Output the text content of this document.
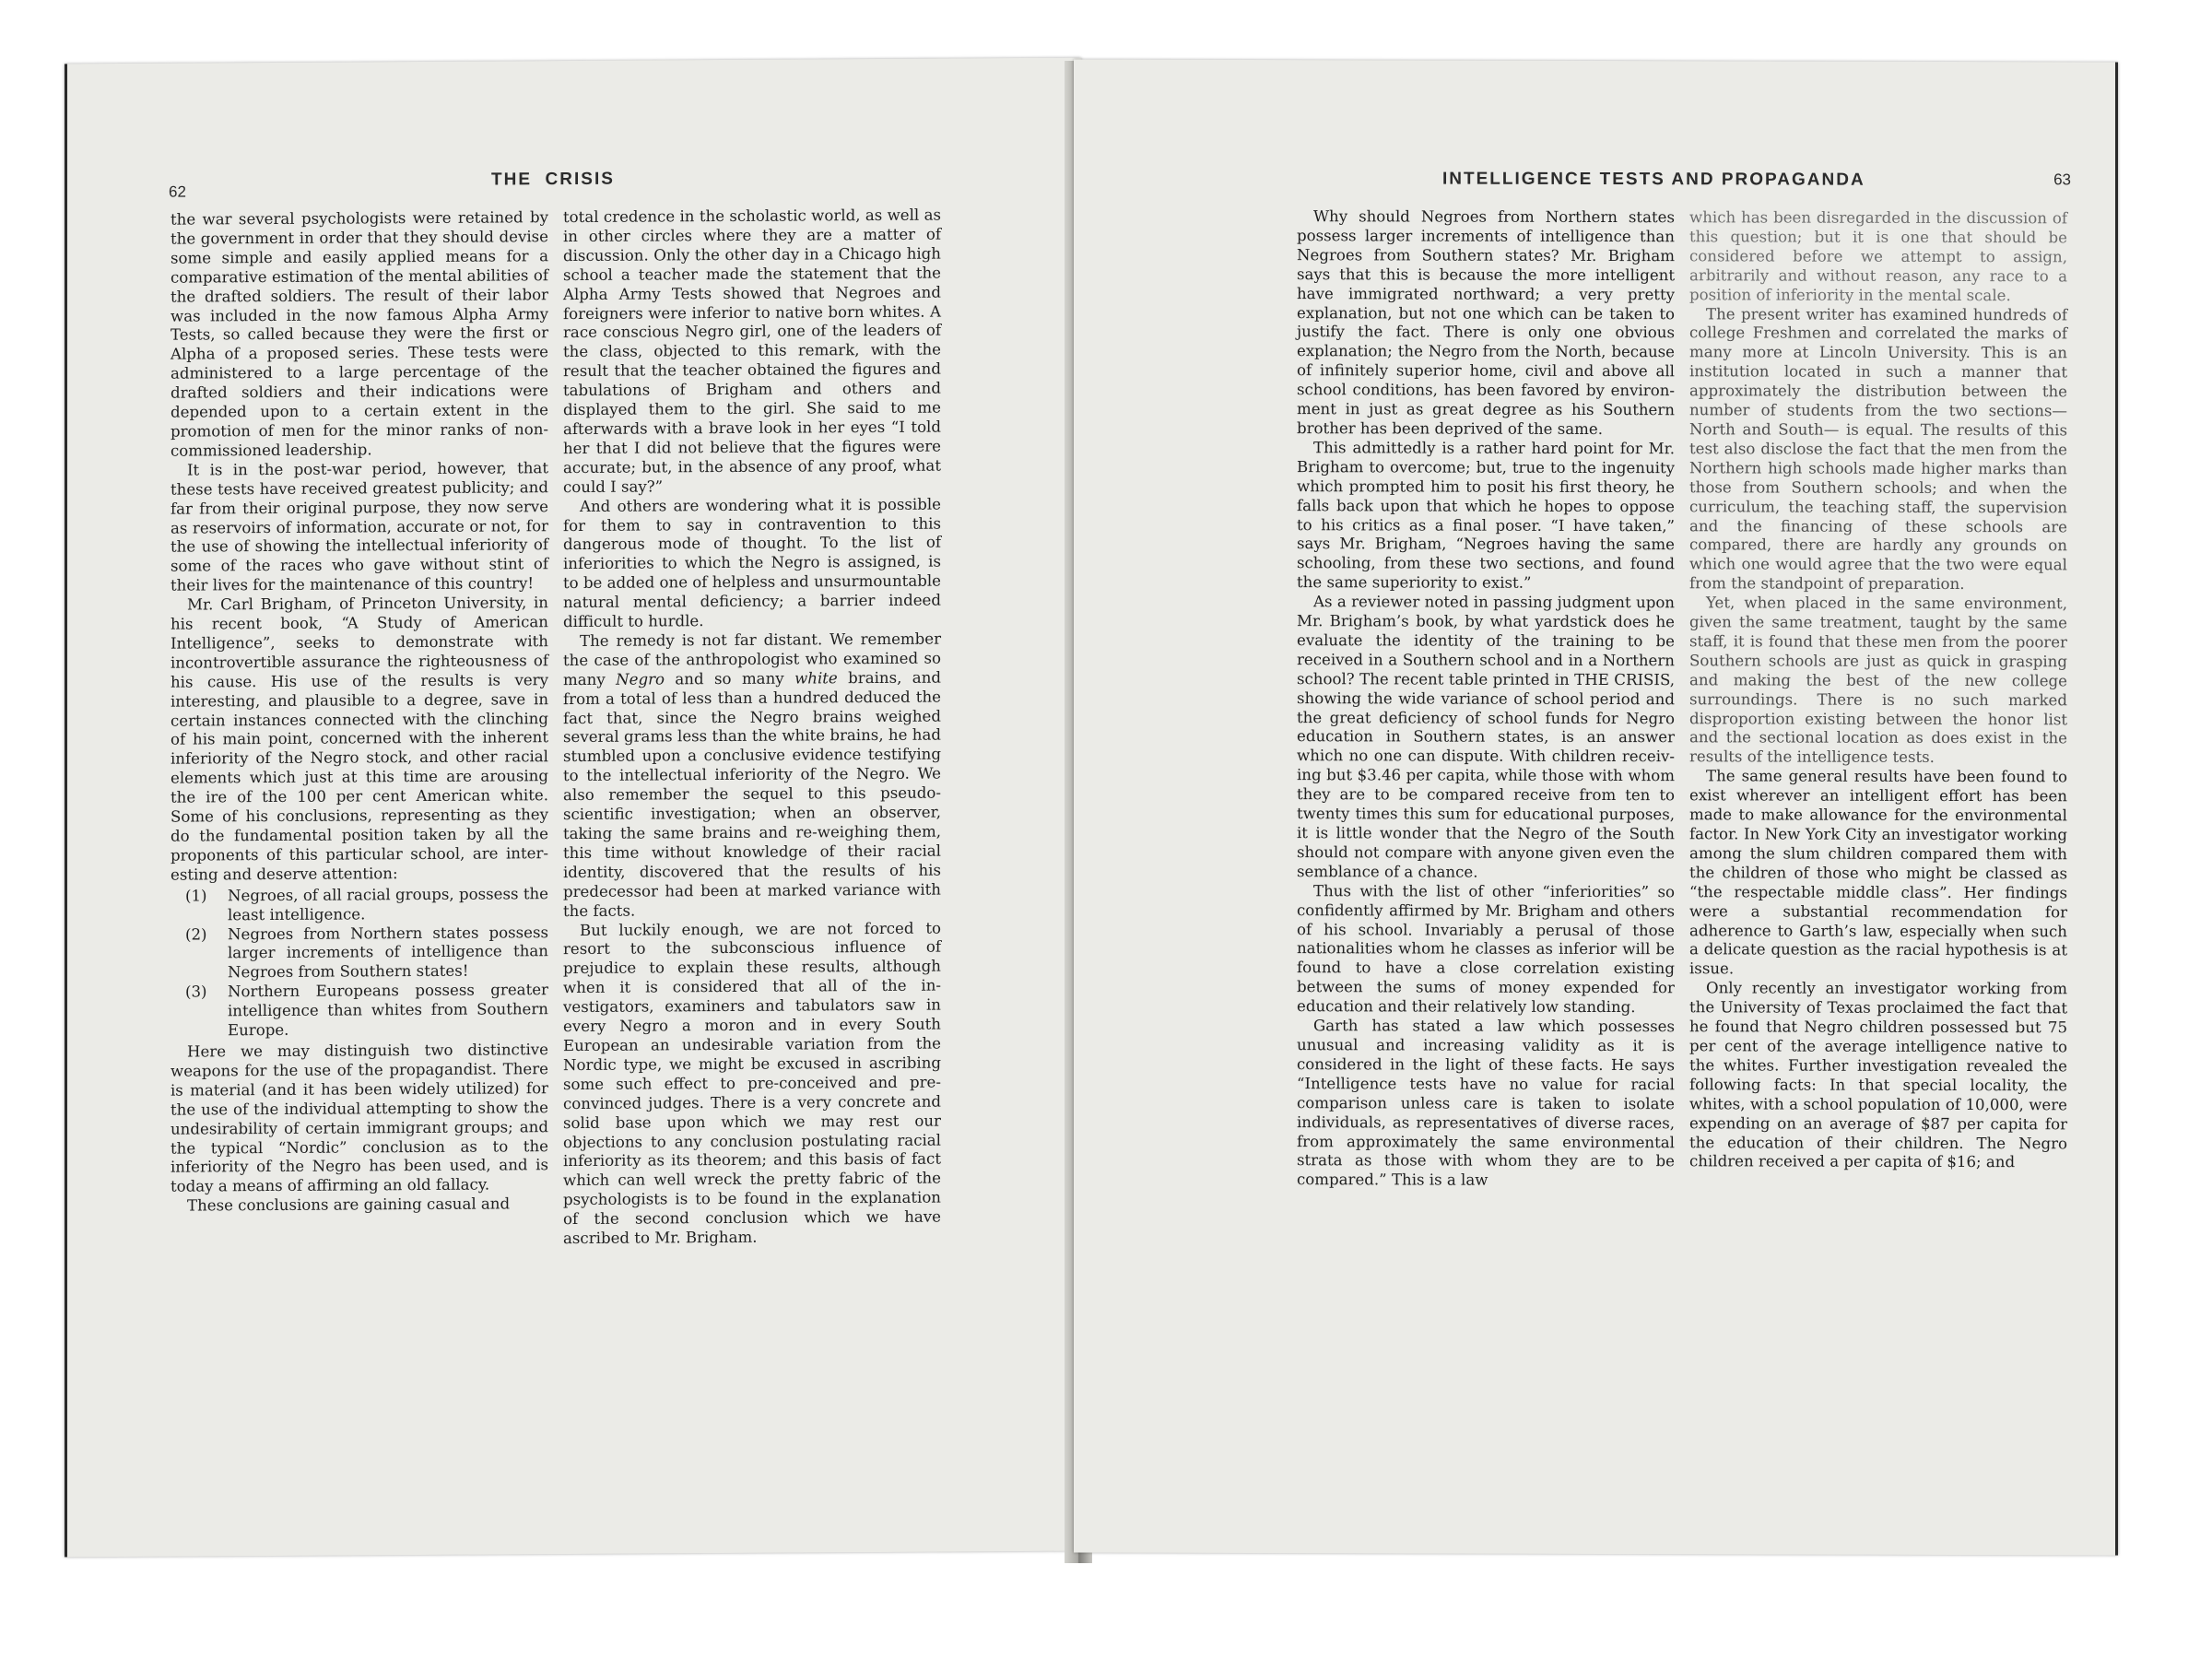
62
THE  CRISIS

the war several psychologists were retained by the government in order that they should devise some simple and easily applied means for a comparative estimation of the mental abilities of the drafted soldiers. The result of their labor was included in the now famous Alpha Army Tests, so called because they were the first or Alpha of a proposed series. These tests were administered to a large percentage of the drafted soldiers and their indications were depended upon to a certain extent in the promotion of men for the minor ranks of non-commissioned leadership.

It is in the post-war period, however, that these tests have received greatest publicity; and far from their original purpose, they now serve as reservoirs of information, accurate or not, for the use of showing the intellectual inferiority of some of the races who gave without stint of their lives for the maintenance of this country!

Mr. Carl Brigham, of Princeton University, in his recent book, “A Study of American Intelligence”, seeks to demonstrate with incontrovertible assurance the righteousness of his cause. His use of the results is very interesting, and plausible to a degree, save in certain instances connected with the clinching of his main point, concerned with the inherent inferiority of the Negro stock, and other racial elements which just at this time are arousing the ire of the 100 per cent American white. Some of his conclusions, representing as they do the fundamental position taken by all the proponents of this particular school, are interesting and deserve attention:

(1) Negroes, of all racial groups, possess the least intelligence.
(2) Negroes from Northern states possess larger increments of intelligence than Negroes from Southern states!
(3) Northern Europeans possess greater intelligence than whites from Southern Europe.

Here we may distinguish two distinctive weapons for the use of the propagandist. There is material (and it has been widely utilized) for the use of the individual attempting to show the undesirability of certain immigrant groups; and the typical “Nordic” conclusion as to the inferiority of the Negro has been used, and is today a means of affirming an old fallacy.

These conclusions are gaining casual and

total credence in the scholastic world, as well as in other circles where they are a matter of discussion. Only the other day in a Chicago high school a teacher made the statement that the Alpha Army Tests showed that Negroes and foreigners were inferior to native born whites. A race conscious Negro girl, one of the leaders of the class, objected to this remark, with the result that the teacher obtained the figures and tabulations of Brigham and others and displayed them to the girl. She said to me afterwards with a brave look in her eyes “I told her that I did not believe that the figures were accurate; but, in the absence of any proof, what could I say?”

And others are wondering what it is possible for them to say in contravention to this dangerous mode of thought. To the list of inferiorities to which the Negro is assigned, is to be added one of helpless and unsurmountable natural mental deficiency; a barrier indeed difficult to hurdle.

The remedy is not far distant. We remember the case of the anthropologist who examined so many Negro and so many white brains, and from a total of less than a hundred deduced the fact that, since the Negro brains weighed several grams less than the white brains, he had stumbled upon a conclusive evidence testifying to the intellectual inferiority of the Negro. We also remember the sequel to this pseudo-scientific investigation; when an observer, taking the same brains and re-weighing them, this time without knowledge of their racial identity, discovered that the results of his predecessor had been at marked variance with the facts.

But luckily enough, we are not forced to resort to the subconscious influence of prejudice to explain these results, although when it is considered that all of the investigators, examiners and tabulators saw in every Negro a moron and in every South European an undesirable variation from the Nordic type, we might be excused in ascribing some such effect to pre-conceived and pre-convinced judges. There is a very concrete and solid base upon which we may rest our objections to any conclusion postulating racial inferiority as its theorem; and this basis of fact which can well wreck the pretty fabric of the psychologists is to be found in the explanation of the second conclusion which we have ascribed to Mr. Brigham.

INTELLIGENCE TESTS AND PROPAGANDA	63

Why should Negroes from Northern states possess larger increments of intelligence than Negroes from Southern states? Mr. Brigham says that this is because the more intelligent have immigrated northward; a very pretty explanation, but not one which can be taken to justify the fact. There is only one obvious explanation; the Negro from the North, because of infinitely superior home, civil and above all school conditions, has been favored by environment in just as great degree as his Southern brother has been deprived of the same.

This admittedly is a rather hard point for Mr. Brigham to overcome; but, true to the ingenuity which prompted him to posit his first theory, he falls back upon that which he hopes to oppose to his critics as a final poser. “I have taken,” says Mr. Brigham, “Negroes having the same schooling, from these two sections, and found the same superiority to exist.”

As a reviewer noted in passing judgment upon Mr. Brigham’s book, by what yardstick does he evaluate the identity of the training to be received in a Southern school and in a Northern school? The recent table printed in THE CRISIS, showing the wide variance of school period and the great deficiency of school funds for Negro education in Southern states, is an answer which no one can dispute. With children receiving but $3.46 per capita, while those with whom they are to be compared receive from ten to twenty times this sum for educational purposes, it is little wonder that the Negro of the South should not compare with anyone given even the semblance of a chance.

Thus with the list of other “inferiorities” so confidently affirmed by Mr. Brigham and others of his school. Invariably a perusal of those nationalities whom he classes as inferior will be found to have a close correlation existing between the sums of money expended for education and their relatively low standing.

Garth has stated a law which possesses unusual and increasing validity as it is considered in the light of these facts. He says “Intelligence tests have no value for racial comparison unless care is taken to isolate individuals, as representatives of diverse races, from approximately the same environmental strata as those with whom they are to be compared.” This is a law

which has been disregarded in the discussion of this question; but it is one that should be considered before we attempt to assign, arbitrarily and without reason, any race to a position of inferiority in the mental scale.

The present writer has examined hundreds of college Freshmen and correlated the marks of many more at Lincoln University. This is an institution located in such a manner that approximately the distribution between the number of students from the two sections—North and South— is equal. The results of this test also disclose the fact that the men from the Northern high schools made higher marks than those from Southern schools; and when the curriculum, the teaching staff, the supervision and the financing of these schools are compared, there are hardly any grounds on which one would agree that the two were equal from the standpoint of preparation.

Yet, when placed in the same environment, given the same treatment, taught by the same staff, it is found that these men from the poorer Southern schools are just as quick in grasping and making the best of the new college surroundings. There is no such marked disproportion existing between the honor list and the sectional location as does exist in the results of the intelligence tests.

The same general results have been found to exist wherever an intelligent effort has been made to make allowance for the environmental factor. In New York City an investigator working among the slum children compared them with the children of those who might be classed as “the respectable middle class”. Her findings were a substantial recommendation for adherence to Garth’s law, especially when such a delicate question as the racial hypothesis is at issue.

Only recently an investigator working from the University of Texas proclaimed the fact that he found that Negro children possessed but 75 per cent of the average intelligence native to the whites. Further investigation revealed the following facts: In that special locality, the whites, with a school population of 10,000, were expending on an average of $87 per capita for the education of their children. The Negro children received a per capita of $16; and
